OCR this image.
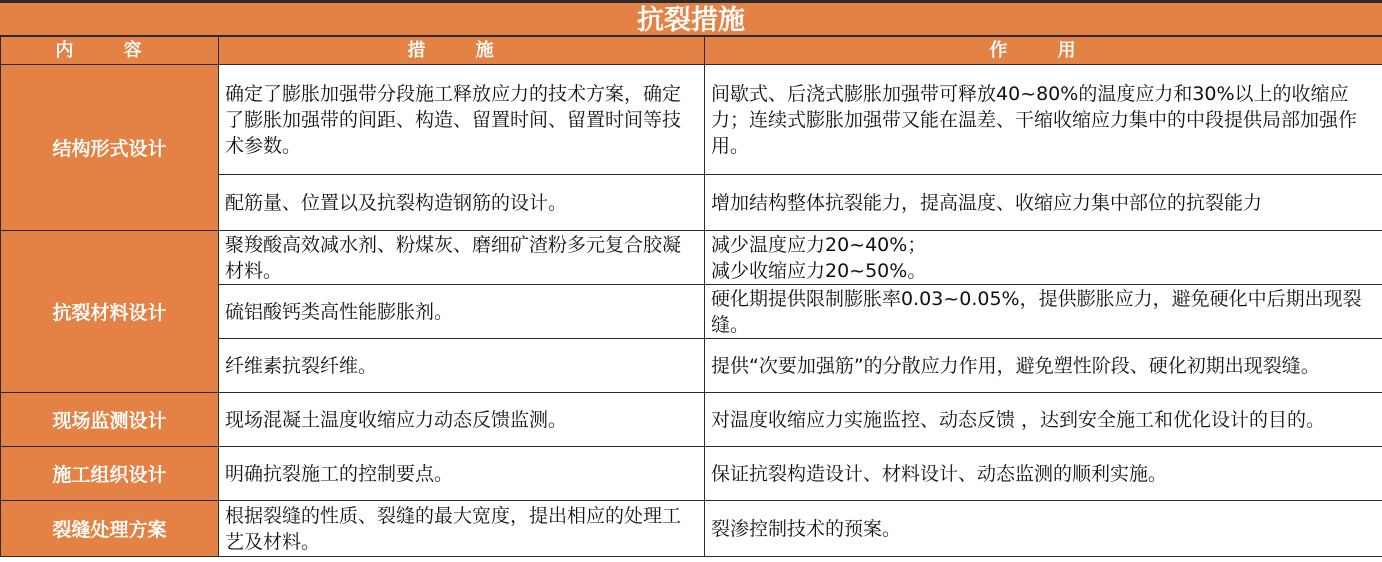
抗裂措施
内 容	措 施	作 用
结构形式设计	确定了膨胀加强带分段施工释放应力的技术方案，确定了膨胀加强带的间距、构造、留置时间、留置时间等技术参数。	间歇式、后浇式膨胀加强带可释放40~80%的温度应力和30%以上的收缩应力；连续式膨胀加强带又能在温差、干缩收缩应力集中的中段提供局部加强作用。
	配筋量、位置以及抗裂构造钢筋的设计。	增加结构整体抗裂能力，提高温度、收缩应力集中部位的抗裂能力
抗裂材料设计	聚羧酸高效减水剂、粉煤灰、磨细矿渣粉多元复合胶凝材料。	减少温度应力20~40%；
减少收缩应力20~50%。
	硫铝酸钙类高性能膨胀剂。	硬化期提供限制膨胀率0.03~0.05%，提供膨胀应力，避免硬化中后期出现裂缝。
	纤维素抗裂纤维。	提供“次要加强筋”的分散应力作用，避免塑性阶段、硬化初期出现裂缝。
现场监测设计	现场混凝土温度收缩应力动态反馈监测。	对温度收缩应力实施监控、动态反馈 ，达到安全施工和优化设计的目的。
施工组织设计	明确抗裂施工的控制要点。	保证抗裂构造设计、材料设计、动态监测的顺利实施。
裂缝处理方案	根据裂缝的性质、裂缝的最大宽度，提出相应的处理工艺及材料。	裂渗控制技术的预案。
